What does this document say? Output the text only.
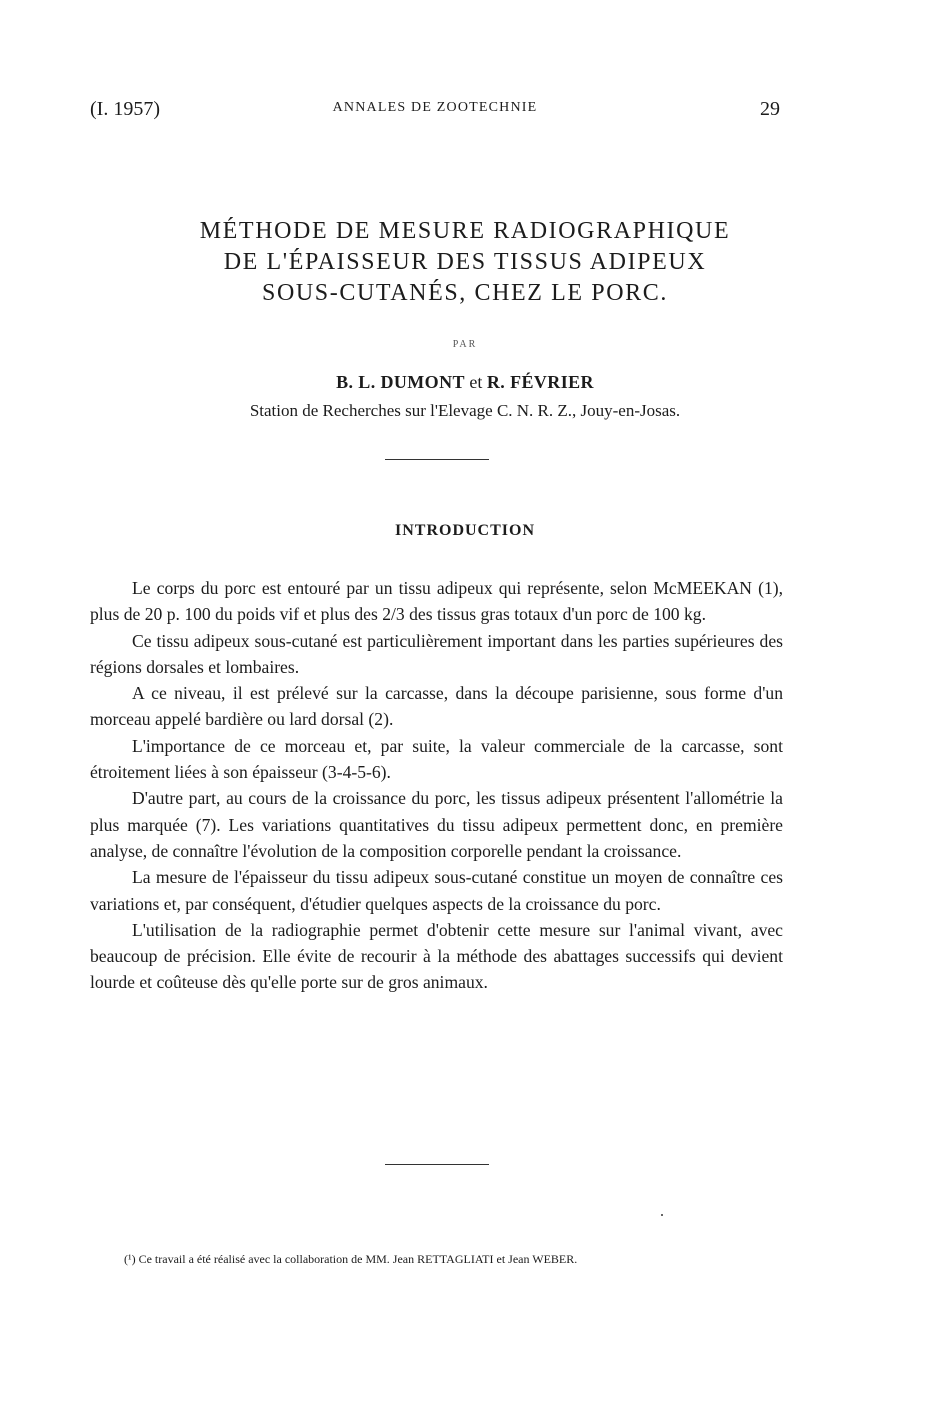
(I. 1957)	ANNALES DE ZOOTECHNIE	29
MÉTHODE DE MESURE RADIOGRAPHIQUE
DE L'ÉPAISSEUR DES TISSUS ADIPEUX
SOUS-CUTANÉS, CHEZ LE PORC.
PAR
B. L. DUMONT et R. FÉVRIER
Station de Recherches sur l'Elevage C. N. R. Z., Jouy-en-Josas.
INTRODUCTION

Le corps du porc est entouré par un tissu adipeux qui représente, selon McMEEKAN (1), plus de 20 p. 100 du poids vif et plus des 2/3 des tissus gras totaux d'un porc de 100 kg.

Ce tissu adipeux sous-cutané est particulièrement important dans les parties supérieures des régions dorsales et lombaires.

A ce niveau, il est prélevé sur la carcasse, dans la découpe parisienne, sous forme d'un morceau appelé bardière ou lard dorsal (2).

L'importance de ce morceau et, par suite, la valeur commerciale de la carcasse, sont étroitement liées à son épaisseur (3-4-5-6).

D'autre part, au cours de la croissance du porc, les tissus adipeux présentent l'allométrie la plus marquée (7). Les variations quantitatives du tissu adipeux permettent donc, en première analyse, de connaître l'évolution de la composition corporelle pendant la croissance.

La mesure de l'épaisseur du tissu adipeux sous-cutané constitue un moyen de connaître ces variations et, par conséquent, d'étudier quelques aspects de la croissance du porc.

L'utilisation de la radiographie permet d'obtenir cette mesure sur l'animal vivant, avec beaucoup de précision. Elle évite de recourir à la méthode des abattages successifs qui devient lourde et coûteuse dès qu'elle porte sur de gros animaux.

(¹) Ce travail a été réalisé avec la collaboration de MM. Jean RETTAGLIATI et Jean WEBER.
